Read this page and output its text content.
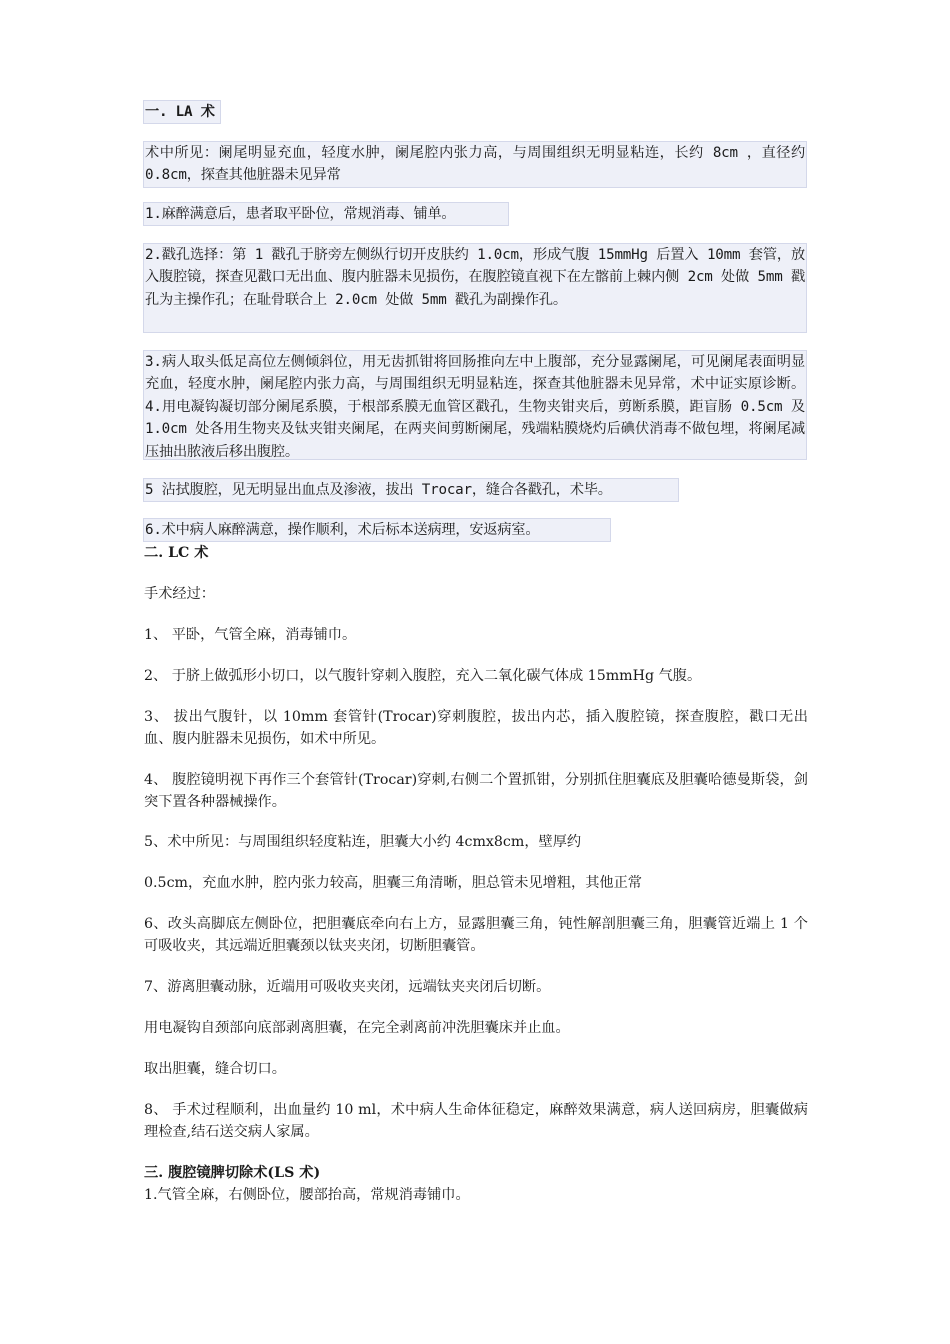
一. LA 术
术中所见：阑尾明显充血，轻度水肿，阑尾腔内张力高，与周围组织无明显粘连，长约 8cm ，直径约 0.8cm，探查其他脏器未见异常
1.麻醉满意后，患者取平卧位，常规消毒、铺单。
2.戳孔选择：第 1 戳孔于脐旁左侧纵行切开皮肤约 1.0cm，形成气腹 15mmHg 后置入 10mm 套管，放入腹腔镜，探查见戳口无出血、腹内脏器未见损伤，在腹腔镜直视下在左髂前上棘内侧 2cm 处做 5mm 戳孔为主操作孔；在耻骨联合上 2.0cm 处做 5mm 戳孔为副操作孔。
3.病人取头低足高位左侧倾斜位，用无齿抓钳将回肠推向左中上腹部，充分显露阑尾，可见阑尾表面明显充血，轻度水肿，阑尾腔内张力高，与周围组织无明显粘连，探查其他脏器未见异常，术中证实原诊断。 4.用电凝钩凝切部分阑尾系膜，于根部系膜无血管区戳孔，生物夹钳夹后，剪断系膜，距盲肠 0.5cm 及 1.0cm 处各用生物夹及钛夹钳夹阑尾，在两夹间剪断阑尾，残端粘膜烧灼后碘伏消毒不做包埋，将阑尾减压抽出脓液后移出腹腔。
5 沾拭腹腔，见无明显出血点及渗液，拔出 Trocar，缝合各戳孔，术毕。
6.术中病人麻醉满意，操作顺利，术后标本送病理，安返病室。
二. LC 术
手术经过：
1、 平卧，气管全麻，消毒铺巾。
2、 于脐上做弧形小切口，以气腹针穿刺入腹腔，充入二氧化碳气体成 15mmHg 气腹。
3、 拔出气腹针，以 10mm 套管针(Trocar)穿刺腹腔，拔出内芯，插入腹腔镜，探查腹腔，戳口无出血、腹内脏器未见损伤，如术中所见。
4、 腹腔镜明视下再作三个套管针(Trocar)穿刺,右侧二个置抓钳，分别抓住胆囊底及胆囊哈德曼斯袋，剑突下置各种器械操作。
5、术中所见：与周围组织轻度粘连，胆囊大小约 4cmx8cm，壁厚约
0.5cm，充血水肿，腔内张力较高，胆囊三角清晰，胆总管未见增粗，其他正常
6、改头高脚底左侧卧位，把胆囊底牵向右上方，显露胆囊三角，钝性解剖胆囊三角，胆囊管近端上 1 个可吸收夹，其远端近胆囊颈以钛夹夹闭，切断胆囊管。
7、游离胆囊动脉，近端用可吸收夹夹闭，远端钛夹夹闭后切断。
用电凝钩自颈部向底部剥离胆囊，在完全剥离前冲洗胆囊床并止血。
取出胆囊，缝合切口。
8、 手术过程顺利，出血量约 10 ml，术中病人生命体征稳定，麻醉效果满意，病人送回病房，胆囊做病理检查,结石送交病人家属。
三. 腹腔镜脾切除术(LS 术)
1.气管全麻，右侧卧位，腰部抬高，常规消毒铺巾。
